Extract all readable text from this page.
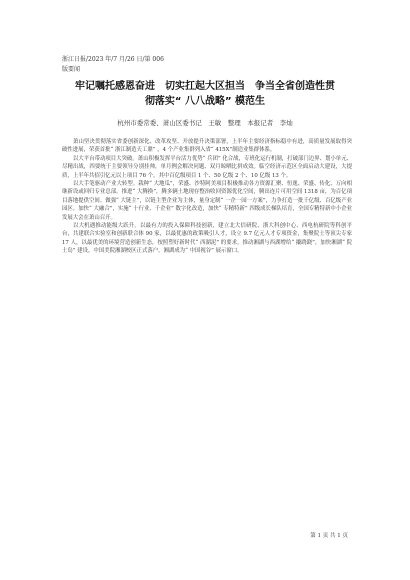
浙江日报/2023 年/7 月/26 日/第 006
版要闻
牢记嘱托感恩奋进　切实扛起大区担当　争当全省创造性贯
彻落实“ 八八战略” 模范生
杭州市委常委、萧山区委书记　王敏　整理　本报记者　李灿

萧山坚决贯彻落实省委创新深化、改革攻坚、开放提升决策部署，上半年主要经济指标稳中有进，高质量发展取得突破性进展，荣获首批“ 浙江制造天工鼎” ，4 个产业集群列入省“ 415X”制造业集群体系。

以大平台带动项目大突破。萧山积极发挥平台活力优势“ 兵团” 化合战，专班化运行机制，打破部门边界、划小单元、尽精出战，四要统于主要领导分别挂帅，单月例会解决问题、双月晾晒比拼成效。临空经济示范区全面启动大建设，大提质，上半年共招引亿元以上项目 76 个，其中百亿级项目 1 个、50 亿级 2 个、10 亿级 13 个。

以大手笔驱动产业大转型。栽种“ 大地瓜”，荣盛、沙特阿美项目积极推动各方资源汇聚、恒逸、荣盛、传化、万向相继新设或回归专业总部。推进“ 大腾换”，腾多辆土地现存整治收回资源优化空间，腾出连片可用空间 1318 亩，为百亿项目落地提供空间。做强“ 大链主”，以链主型企业为主体，量身定制“ 一企一园一方案”，力争打造一批千亿级、百亿级产业园区。加快“ 大融合”，实施“ 十行业、千企业” 数字化改造，加快“ 专精特新” 四级成长梯队培育，全国专精特新中小企业发展大会在萧山召开。

以大机遇推动能级大跃升。以最有力的投入保障科技创新，建立北大信研院、浙大科创中心、西电杭研院等科创平台，共建联合实验室和创新联合体 90 家，以最优惠的政策吸引人才，设立 9.7 亿元人才专项资金，集聚院士等顶尖专家 17 人，以最优美的环境营造创新生态，按照塑好新时代“ 西湖泥” 的要求，推动湘湖与西湖增给“ 撬跷跷”，加快湘湖“ 院士岛” 建设，中国美院湘湖校区正式落户，湘湖成为“ 中国视谷” 展示窗口。

第 1 页 共 1 页
